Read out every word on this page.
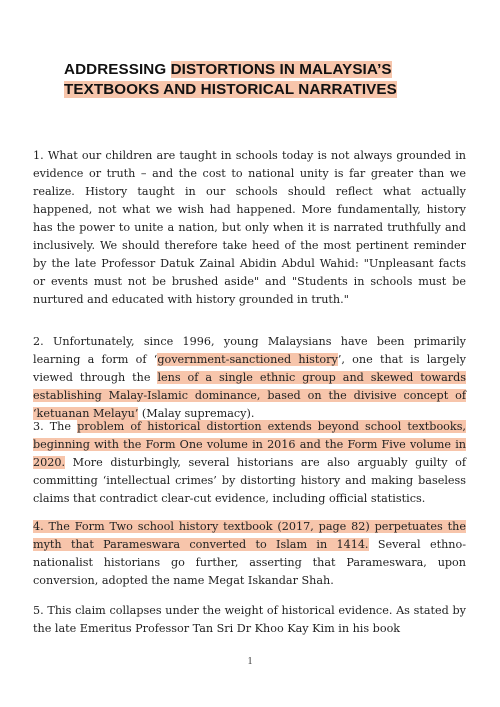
ADDRESSING DISTORTIONS IN MALAYSIA’S TEXTBOOKS AND HISTORICAL NARRATIVES

1. What our children are taught in schools today is not always grounded in evidence or truth – and the cost to national unity is far greater than we realize. History taught in our schools should reflect what actually happened, not what we wish had happened. More fundamentally, history has the power to unite a nation, but only when it is narrated truthfully and inclusively. We should therefore take heed of the most pertinent reminder by the late Professor Datuk Zainal Abidin Abdul Wahid: "Unpleasant facts or events must not be brushed aside" and "Students in schools must be nurtured and educated with history grounded in truth."

2. Unfortunately, since 1996, young Malaysians have been primarily learning a form of ‘government-sanctioned history’, one that is largely viewed through the lens of a single ethnic group and skewed towards establishing Malay-Islamic dominance, based on the divisive concept of ‘ketuanan Melayu’ (Malay supremacy).

3. The problem of historical distortion extends beyond school textbooks, beginning with the Form One volume in 2016 and the Form Five volume in 2020. More disturbingly, several historians are also arguably guilty of committing ‘intellectual crimes’ by distorting history and making baseless claims that contradict clear-cut evidence, including official statistics.

4. The Form Two school history textbook (2017, page 82) perpetuates the myth that Parameswara converted to Islam in 1414. Several ethno-nationalist historians go further, asserting that Parameswara, upon conversion, adopted the name Megat Iskandar Shah.

5. This claim collapses under the weight of historical evidence. As stated by the late Emeritus Professor Tan Sri Dr Khoo Kay Kim in his book

1
